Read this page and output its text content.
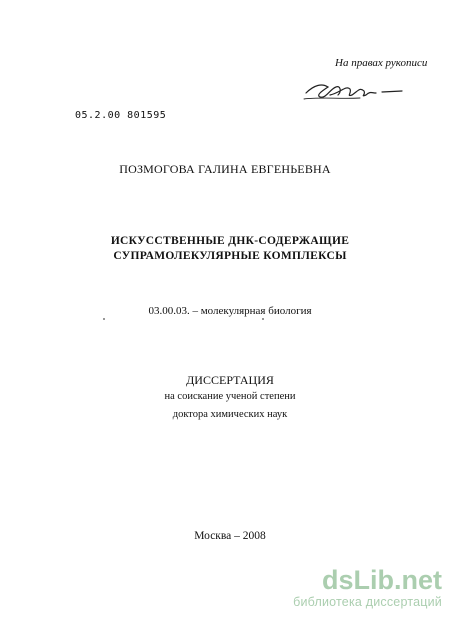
На правах рукописи
05.2.00 801595
ПОЗМОГОВА ГАЛИНА ЕВГЕНЬЕВНА
ИСКУССТВЕННЫЕ ДНК-СОДЕРЖАЩИЕ
СУПРАМОЛЕКУЛЯРНЫЕ КОМПЛЕКСЫ
03.00.03. – молекулярная биология
ДИССЕРТАЦИЯ
на соискание ученой степени
доктора химических наук
Москва – 2008
dsLib.net
библиотека диссертаций
